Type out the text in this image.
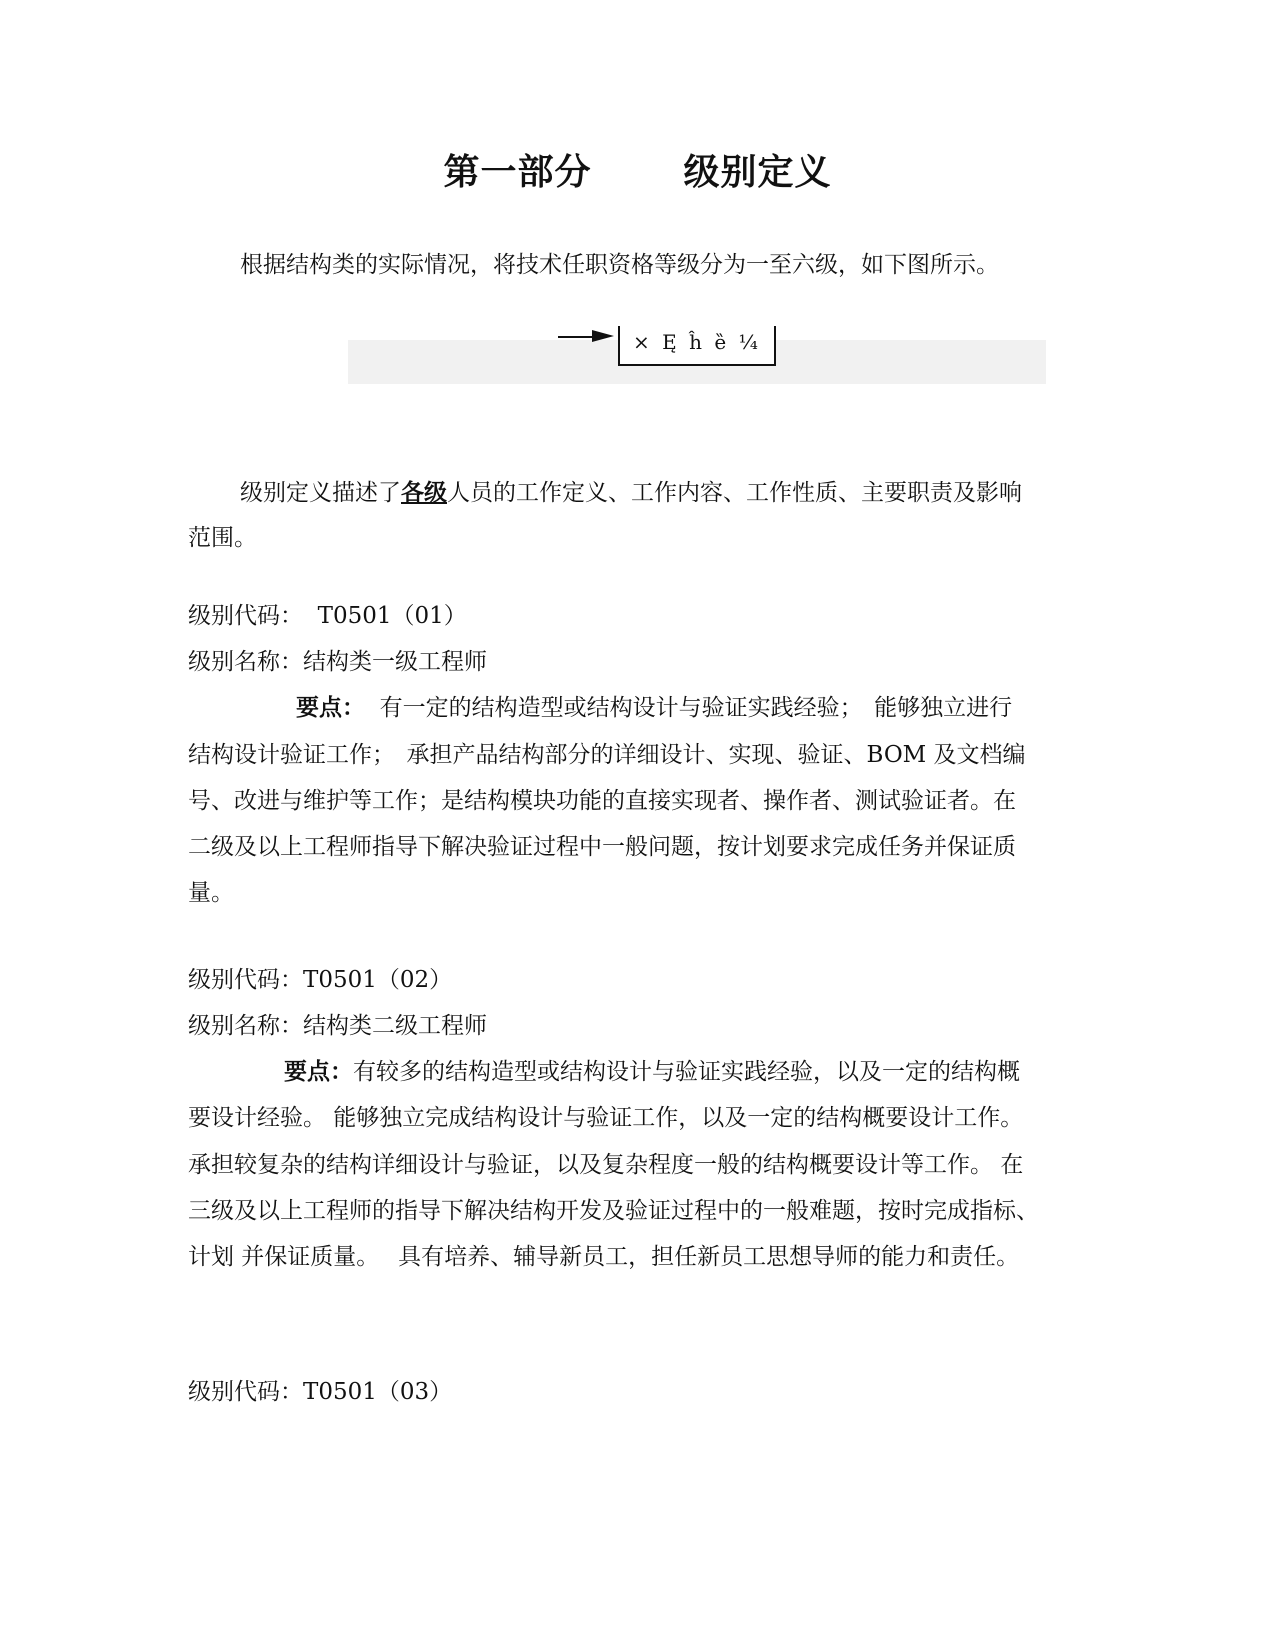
第一部分	级别定义
根据结构类的实际情况，将技术任职资格等级分为一至六级，如下图所示。
× Ę ĥ ȅ ¼
级别定义描述了各级人员的工作定义、工作内容、工作性质、主要职责及影响
范围。
级别代码： T0501（01）
级别名称：结构类一级工程师
要点： 有一定的结构造型或结构设计与验证实践经验；　能够独立进行
结构设计验证工作；　承担产品结构部分的详细设计、实现、验证、BOM 及文档编
号、改进与维护等工作；是结构模块功能的直接实现者、操作者、测试验证者。在
二级及以上工程师指导下解决验证过程中一般问题，按计划要求完成任务并保证质
量。
级别代码：T0501（02）
级别名称：结构类二级工程师
要点：有较多的结构造型或结构设计与验证实践经验，以及一定的结构概
要设计经验。 能够独立完成结构设计与验证工作，以及一定的结构概要设计工作。
承担较复杂的结构详细设计与验证，以及复杂程度一般的结构概要设计等工作。 在
三级及以上工程师的指导下解决结构开发及验证过程中的一般难题，按时完成指标、
计划 并保证质量。　 具有培养、辅导新员工，担任新员工思想导师的能力和责任。
级别代码：T0501（03）
